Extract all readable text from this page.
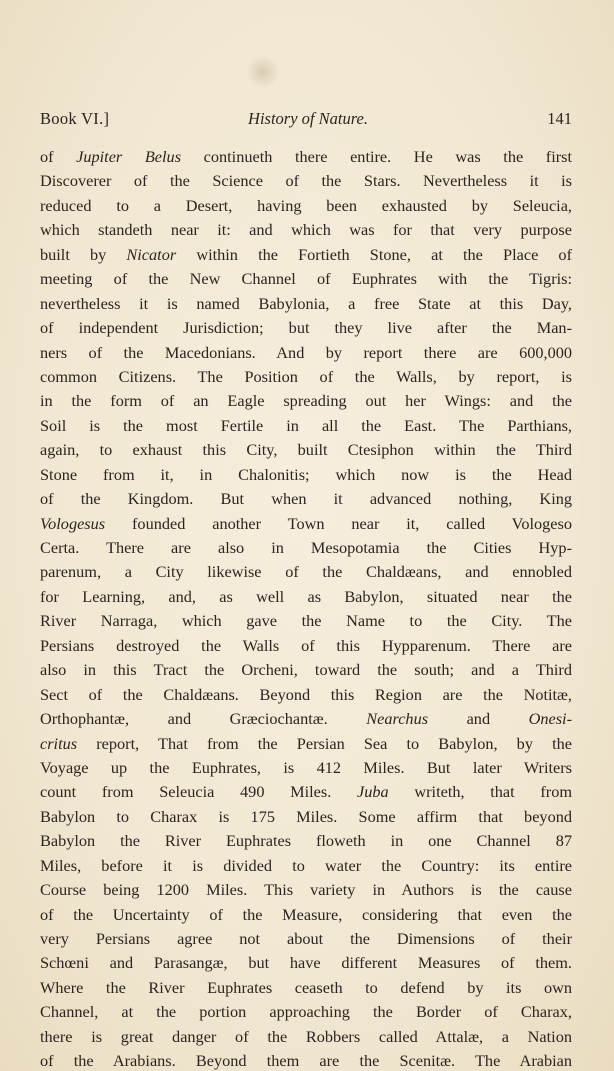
Book VI.]	History of Nature.	141
of Jupiter Belus continueth there entire. He was the first
Discoverer of the Science of the Stars. Nevertheless it is
reduced to a Desert, having been exhausted by Seleucia,
which standeth near it: and which was for that very purpose
built by Nicator within the Fortieth Stone, at the Place of
meeting of the New Channel of Euphrates with the Tigris:
nevertheless it is named Babylonia, a free State at this Day,
of independent Jurisdiction; but they live after the Man-
ners of the Macedonians. And by report there are 600,000
common Citizens. The Position of the Walls, by report, is
in the form of an Eagle spreading out her Wings: and the
Soil is the most Fertile in all the East. The Parthians,
again, to exhaust this City, built Ctesiphon within the Third
Stone from it, in Chalonitis; which now is the Head
of the Kingdom. But when it advanced nothing, King
Vologesus founded another Town near it, called Vologeso
Certa. There are also in Mesopotamia the Cities Hyp-
parenum, a City likewise of the Chaldæans, and ennobled
for Learning, and, as well as Babylon, situated near the
River Narraga, which gave the Name to the City. The
Persians destroyed the Walls of this Hypparenum. There are
also in this Tract the Orcheni, toward the south; and a Third
Sect of the Chaldæans. Beyond this Region are the Notitæ,
Orthophantæ, and Græciochantæ. Nearchus and Onesi-
critus report, That from the Persian Sea to Babylon, by the
Voyage up the Euphrates, is 412 Miles. But later Writers
count from Seleucia 490 Miles. Juba writeth, that from
Babylon to Charax is 175 Miles. Some affirm that beyond
Babylon the River Euphrates floweth in one Channel 87
Miles, before it is divided to water the Country: its entire
Course being 1200 Miles. This variety in Authors is the cause
of the Uncertainty of the Measure, considering that even the
very Persians agree not about the Dimensions of their
Schœni and Parasangæ, but have different Measures of them.
Where the River Euphrates ceaseth to defend by its own
Channel, at the portion approaching the Border of Charax,
there is great danger of the Robbers called Attalæ, a Nation
of the Arabians. Beyond them are the Scenitæ. The Arabian
